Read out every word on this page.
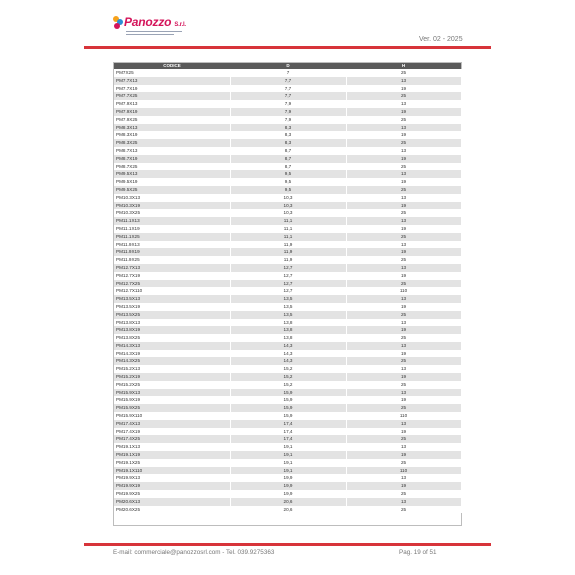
Panozzo S.r.l.
Ver. 02 - 2025
CODICE	D	H
PM7X25	7	25
PM7.7X13	7,7	13
PM7.7X19	7,7	19
PM7.7X25	7,7	25
PM7.9X13	7,9	13
PM7.9X19	7,9	19
PM7.9X25	7,9	25
PM8.3X13	8,3	13
PM8.3X19	8,3	19
PM8.3X25	8,3	25
PM8.7X13	8,7	13
PM8.7X19	8,7	19
PM8.7X25	8,7	25
PM9.5X13	9,5	13
PM9.5X19	9,5	19
PM9.5X25	9,5	25
PM10.3X13	10,3	13
PM10.3X19	10,3	19
PM10.3X25	10,3	25
PM11.1X13	11,1	13
PM11.1X19	11,1	19
PM11.1X25	11,1	25
PM11.9X13	11,9	13
PM11.9X19	11,9	19
PM11.9X25	11,9	25
PM12.7X13	12,7	13
PM12.7X19	12,7	19
PM12.7X25	12,7	25
PM12.7X110	12,7	110
PM13.5X13	13,5	13
PM13.5X19	13,5	19
PM13.5X25	13,5	25
PM13.8X13	13,8	13
PM13.8X19	13,8	19
PM13.8X25	13,8	25
PM14.3X13	14,3	13
PM14.3X19	14,3	19
PM14.3X25	14,3	25
PM15.2X13	15,2	13
PM15.2X19	15,2	19
PM15.2X25	15,2	25
PM15.9X13	15,9	13
PM15.9X19	15,9	19
PM15.9X25	15,9	25
PM15.9X110	15,9	110
PM17.4X13	17,4	13
PM17.4X19	17,4	19
PM17.4X25	17,4	25
PM19.1X13	19,1	13
PM19.1X19	19,1	19
PM19.1X25	19,1	25
PM19.1X110	19,1	110
PM19.9X13	19,9	13
PM19.9X19	19,9	19
PM19.9X25	19,9	25
PM20.6X13	20,6	13
PM20.6X25	20,6	25
E-mail: commerciale@panozzosrl.com - Tel. 039.9275363	Pag. 19 of 51
